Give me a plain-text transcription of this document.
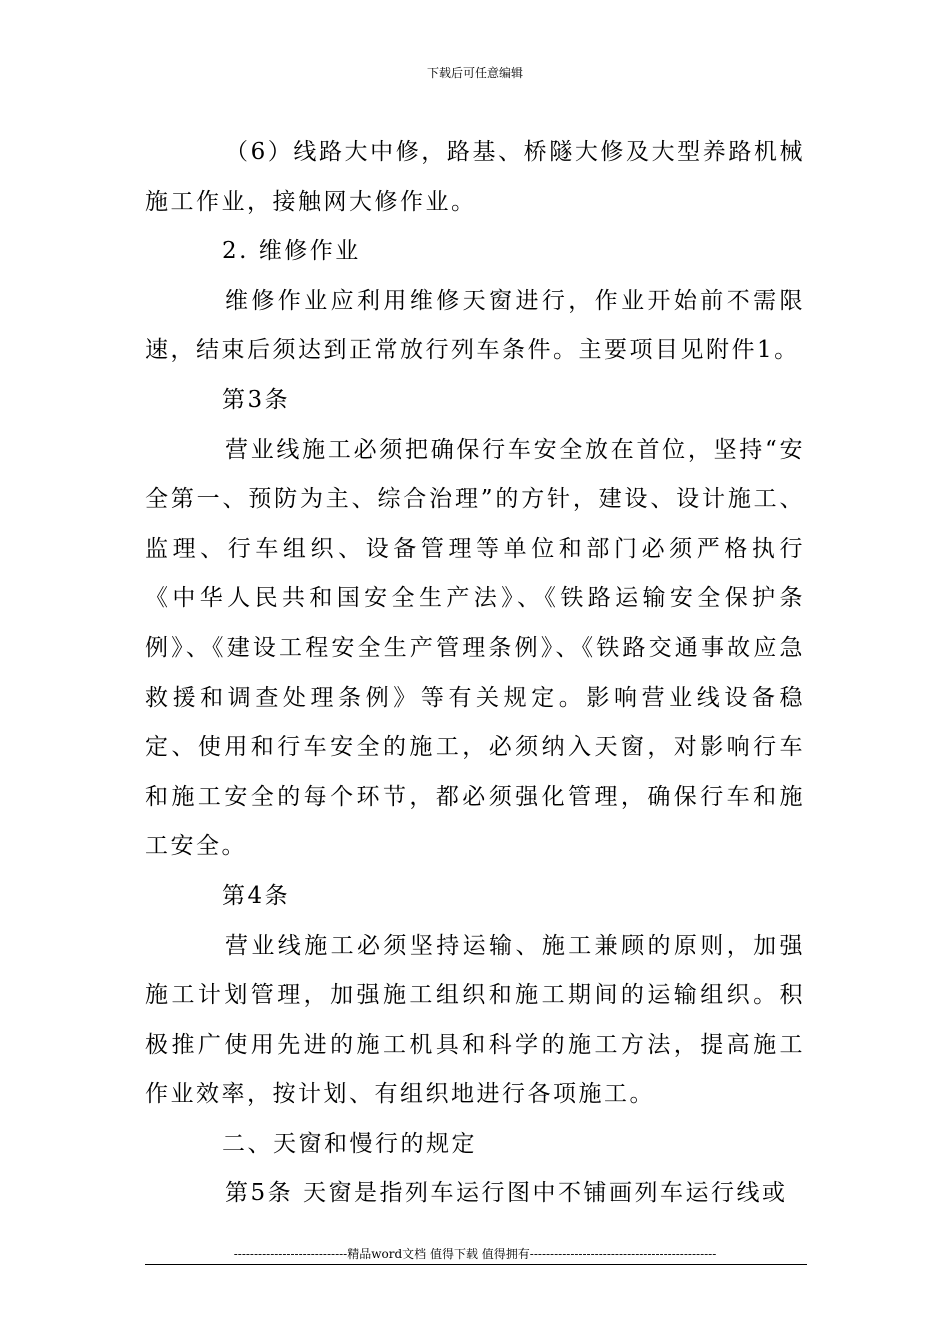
下载后可任意编辑

（6）线路大中修，路基、桥隧大修及大型养路机械施工作业，接触网大修作业。

2. 维修作业

维修作业应利用维修天窗进行，作业开始前不需限速，结束后须达到正常放行列车条件。主要项目见附件1。

第3条

营业线施工必须把确保行车安全放在首位，坚持“安全第一、预防为主、综合治理”的方针，建设、设计施工、监理、行车组织、设备管理等单位和部门必须严格执行《中华人民共和国安全生产法》、《铁路运输安全保护条例》、《建设工程安全生产管理条例》、《铁路交通事故应急救援和调查处理条例》等有关规定。影响营业线设备稳定、使用和行车安全的施工，必须纳入天窗，对影响行车和施工安全的每个环节，都必须强化管理，确保行车和施工安全。

第4条

营业线施工必须坚持运输、施工兼顾的原则，加强施工计划管理，加强施工组织和施工期间的运输组织。积极推广使用先进的施工机具和科学的施工方法，提高施工作业效率，按计划、有组织地进行各项施工。

二、天窗和慢行的规定

第5条 天窗是指列车运行图中不铺画列车运行线或

----------------------------精品word文档 值得下载 值得拥有----------------------------------------------
